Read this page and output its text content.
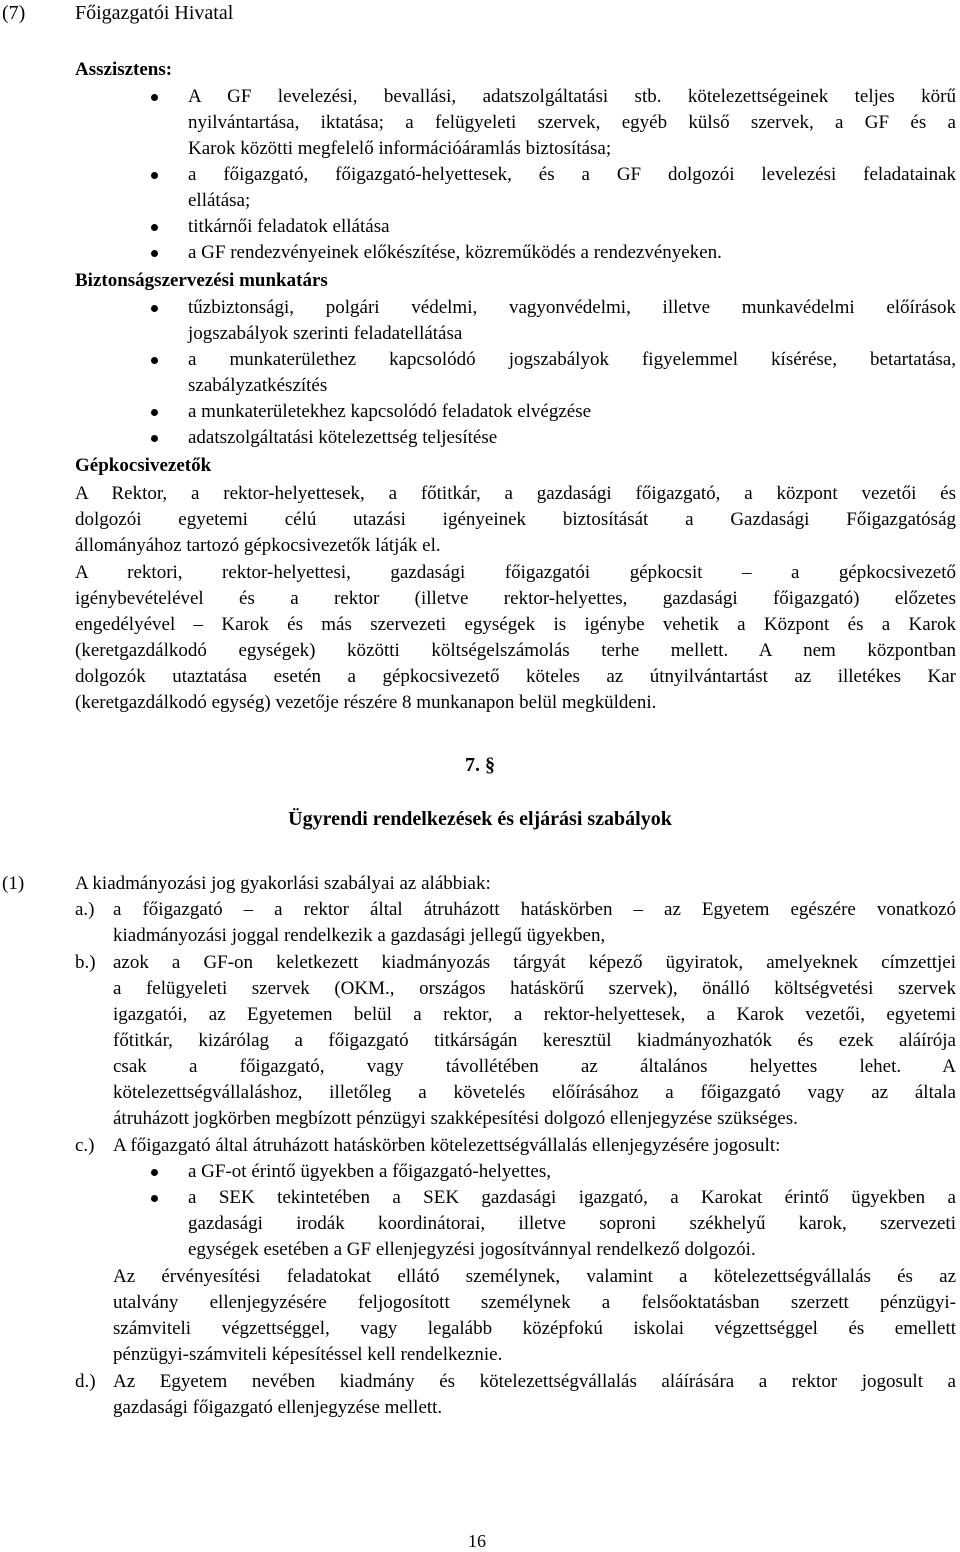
(7) Főigazgatói Hivatal
Asszisztens:
A GF levelezési, bevallási, adatszolgáltatási stb. kötelezettségeinek teljes körű
nyilvántartása, iktatása; a felügyeleti szervek, egyéb külső szervek, a GF és a
Karok közötti megfelelő információáramlás biztosítása;
a főigazgató, főigazgató-helyettesek, és a GF dolgozói levelezési feladatainak
ellátása;
titkárnői feladatok ellátása
a GF rendezvényeinek előkészítése, közreműködés a rendezvényeken.
Biztonságszervezési munkatárs
tűzbiztonsági, polgári védelmi, vagyonvédelmi, illetve munkavédelmi előírások
jogszabályok szerinti feladatellátása
a munkaterülethez kapcsolódó jogszabályok figyelemmel kísérése, betartatása,
szabályzatkészítés
a munkaterületekhez kapcsolódó feladatok elvégzése
adatszolgáltatási kötelezettség teljesítése
Gépkocsivezetők
A Rektor, a rektor-helyettesek, a főtitkár, a gazdasági főigazgató, a központ vezetői és
dolgozói egyetemi célú utazási igényeinek biztosítását a Gazdasági Főigazgatóság
állományához tartozó gépkocsivezetők látják el.
A rektori, rektor-helyettesi, gazdasági főigazgatói gépkocsit – a gépkocsivezető
igénybevételével és a rektor (illetve rektor-helyettes, gazdasági főigazgató) előzetes
engedélyével – Karok és más szervezeti egységek is igénybe vehetik a Központ és a Karok
(keretgazdálkodó egységek) közötti költségelszámolás terhe mellett. A nem központban
dolgozók utaztatása esetén a gépkocsivezető köteles az útnyilvántartást az illetékes Kar
(keretgazdálkodó egység) vezetője részére 8 munkanapon belül megküldeni.
7. §
Ügyrendi rendelkezések és eljárási szabályok
(1)	A kiadmányozási jog gyakorlási szabályai az alábbiak:
a.) a főigazgató – a rektor által átruházott hatáskörben – az Egyetem egészére vonatkozó
kiadmányozási joggal rendelkezik a gazdasági jellegű ügyekben,
b.) azok a GF-on keletkezett kiadmányozás tárgyát képező ügyiratok, amelyeknek címzettjei
a felügyeleti szervek (OKM., országos hatáskörű szervek), önálló költségvetési szervek
igazgatói, az Egyetemen belül a rektor, a rektor-helyettesek, a Karok vezetői, egyetemi
főtitkár, kizárólag a főigazgató titkárságán keresztül kiadmányozhatók és ezek aláírója
csak a főigazgató, vagy távollétében az általános helyettes lehet. A
kötelezettségvállaláshoz, illetőleg a követelés előírásához a főigazgató vagy az általa
átruházott jogkörben megbízott pénzügyi szakképesítési dolgozó ellenjegyzése szükséges.
c.) A főigazgató által átruházott hatáskörben kötelezettségvállalás ellenjegyzésére jogosult:
a GF-ot érintő ügyekben a főigazgató-helyettes,
a SEK tekintetében a SEK gazdasági igazgató, a Karokat érintő ügyekben a
gazdasági irodák koordinátorai, illetve soproni székhelyű karok, szervezeti
egységek esetében a GF ellenjegyzési jogosítvánnyal rendelkező dolgozói.
Az érvényesítési feladatokat ellátó személynek, valamint a kötelezettségvállalás és az
utalvány ellenjegyzésére feljogosított személynek a felsőoktatásban szerzett pénzügyi-
számviteli végzettséggel, vagy legalább középfokú iskolai végzettséggel és emellett
pénzügyi-számviteli képesítéssel kell rendelkeznie.
d.) Az Egyetem nevében kiadmány és kötelezettségvállalás aláírására a rektor jogosult a
gazdasági főigazgató ellenjegyzése mellett.
16
